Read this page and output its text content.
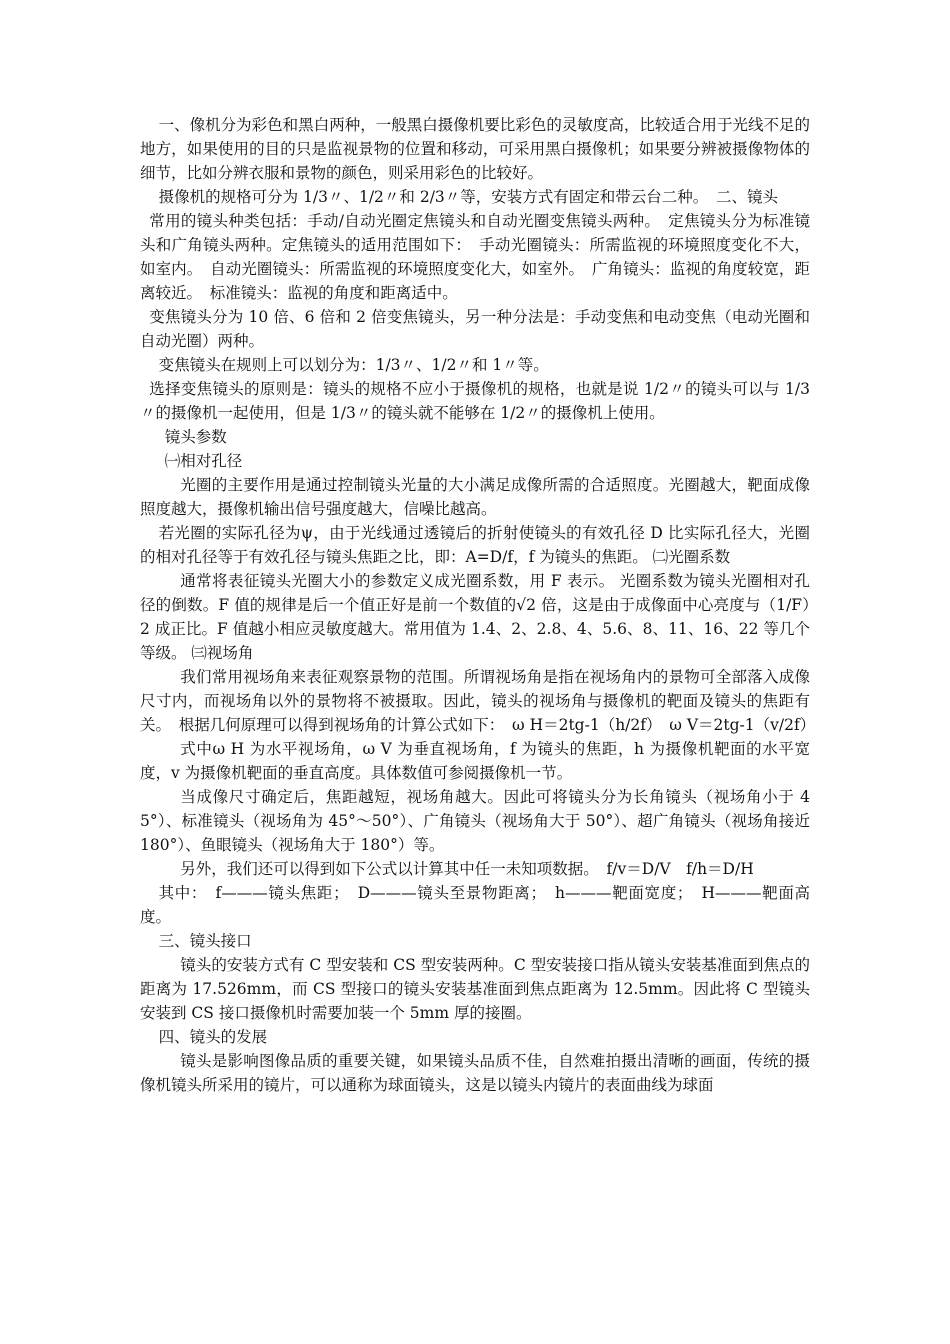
一、像机分为彩色和黑白两种，一般黑白摄像机要比彩色的灵敏度高，比较适合用于光线不足的地方，如果使用的目的只是监视景物的位置和移动，可采用黑白摄像机；如果要分辨被摄像物体的细节，比如分辨衣服和景物的颜色，则采用彩色的比较好。

摄像机的规格可分为 1/3〃、1/2〃和 2/3〃等，安装方式有固定和带云台二种。　二、镜头

常用的镜头种类包括：手动/自动光圈定焦镜头和自动光圈变焦镜头两种。　定焦镜头分为标准镜头和广角镜头两种。定焦镜头的适用范围如下：　手动光圈镜头：所需监视的环境照度变化不大，如室内。　自动光圈镜头：所需监视的环境照度变化大，如室外。　广角镜头：监视的角度较宽，距离较近。　标准镜头：监视的角度和距离适中。

变焦镜头分为 10 倍、6 倍和 2 倍变焦镜头，另一种分法是：手动变焦和电动变焦（电动光圈和自动光圈）两种。

变焦镜头在规则上可以划分为：1/3〃、1/2〃和 1〃等。

选择变焦镜头的原则是：镜头的规格不应小于摄像机的规格，也就是说 1/2〃的镜头可以与 1/3〃的摄像机一起使用，但是 1/3〃的镜头就不能够在 1/2〃的摄像机上使用。

镜头参数

㈠相对孔径

光圈的主要作用是通过控制镜头光量的大小满足成像所需的合适照度。光圈越大，靶面成像照度越大，摄像机输出信号强度越大，信噪比越高。

若光圈的实际孔径为ψ，由于光线通过透镜后的折射使镜头的有效孔径 D 比实际孔径大，光圈的相对孔径等于有效孔径与镜头焦距之比，即：A=D/f，f 为镜头的焦距。 ㈡光圈系数

通常将表征镜头光圈大小的参数定义成光圈系数，用 F 表示。 光圈系数为镜头光圈相对孔径的倒数。F 值的规律是后一个值正好是前一个数值的√2 倍，这是由于成像面中心亮度与（1/F）2 成正比。F 值越小相应灵敏度越大。常用值为 1.4、2、2.8、4、5.6、8、11、16、22 等几个等级。 ㈢视场角

我们常用视场角来表征观察景物的范围。所谓视场角是指在视场角内的景物可全部落入成像尺寸内，而视场角以外的景物将不被摄取。因此，镜头的视场角与摄像机的靶面及镜头的焦距有关。　根据几何原理可以得到视场角的计算公式如下：　ω H＝2tg-1（h/2f）　ω V＝2tg-1（v/2f）

式中ω H 为水平视场角，ω V 为垂直视场角，f 为镜头的焦距，h 为摄像机靶面的水平宽度，v 为摄像机靶面的垂直高度。具体数值可参阅摄像机一节。

当成像尺寸确定后，焦距越短，视场角越大。因此可将镜头分为长角镜头（视场角小于 45°）、标准镜头（视场角为 45°～50°）、广角镜头（视场角大于 50°）、超广角镜头（视场角接近 180°）、鱼眼镜头（视场角大于 180°）等。

另外，我们还可以得到如下公式以计算其中任一未知项数据。　f/v＝D/V　f/h＝D/H

其中：　f———镜头焦距；　D———镜头至景物距离；　h———靶面宽度；　H———靶面高度。

三、镜头接口

镜头的安装方式有 C 型安装和 CS 型安装两种。C 型安装接口指从镜头安装基准面到焦点的距离为 17.526mm，而 CS 型接口的镜头安装基准面到焦点距离为 12.5mm。因此将 C 型镜头安装到 CS 接口摄像机时需要加装一个 5mm 厚的接圈。

四、镜头的发展

镜头是影响图像品质的重要关键，如果镜头品质不佳，自然难拍摄出清晰的画面，传统的摄像机镜头所采用的镜片，可以通称为球面镜头，这是以镜头内镜片的表面曲线为球面
